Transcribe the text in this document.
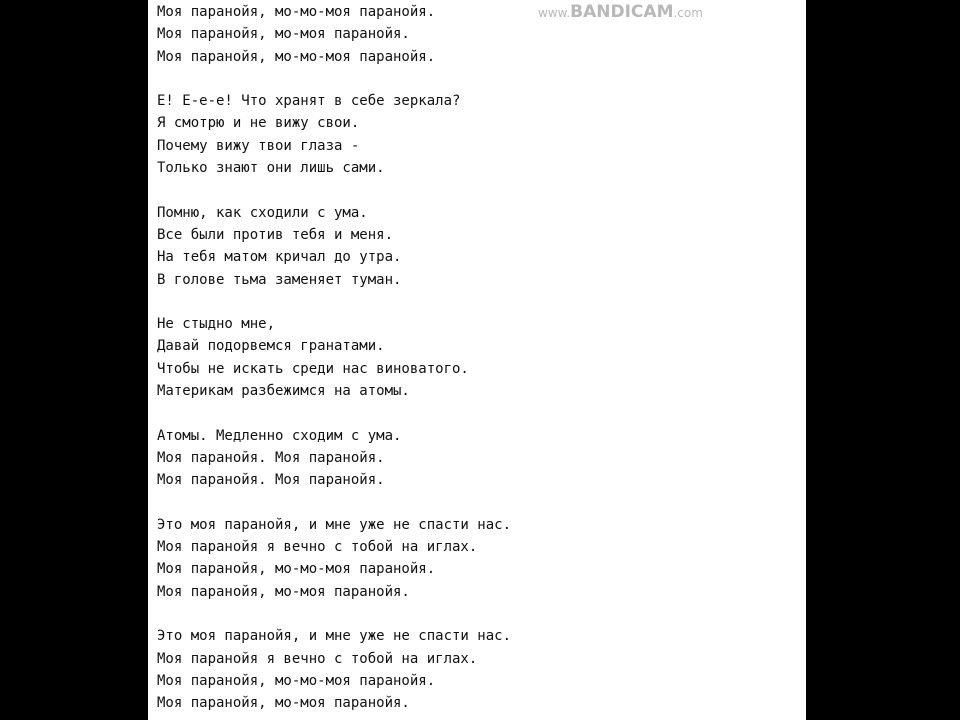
Моя паранойя, мо-мо-моя паранойя.
Моя паранойя, мо-моя паранойя.
Моя паранойя, мо-мо-моя паранойя.
Е! Е-е-е! Что хранят в себе зеркала?
Я смотрю и не вижу свои.
Почему вижу твои глаза -
Только знают они лишь сами.
Помню, как сходили с ума.
Все были против тебя и меня.
На тебя матом кричал до утра.
В голове тьма заменяет туман.
Не стыдно мне,
Давай подорвемся гранатами.
Чтобы не искать среди нас виноватого.
Материкам разбежимся на атомы.
Атомы. Медленно сходим с ума.
Моя паранойя. Моя паранойя.
Моя паранойя. Моя паранойя.
Это моя паранойя, и мне уже не спасти нас.
Моя паранойя я вечно с тобой на иглах.
Моя паранойя, мо-мо-моя паранойя.
Моя паранойя, мо-моя паранойя.
Это моя паранойя, и мне уже не спасти нас.
Моя паранойя я вечно с тобой на иглах.
Моя паранойя, мо-мо-моя паранойя.
Моя паранойя, мо-моя паранойя.
www.BANDICAM.com
